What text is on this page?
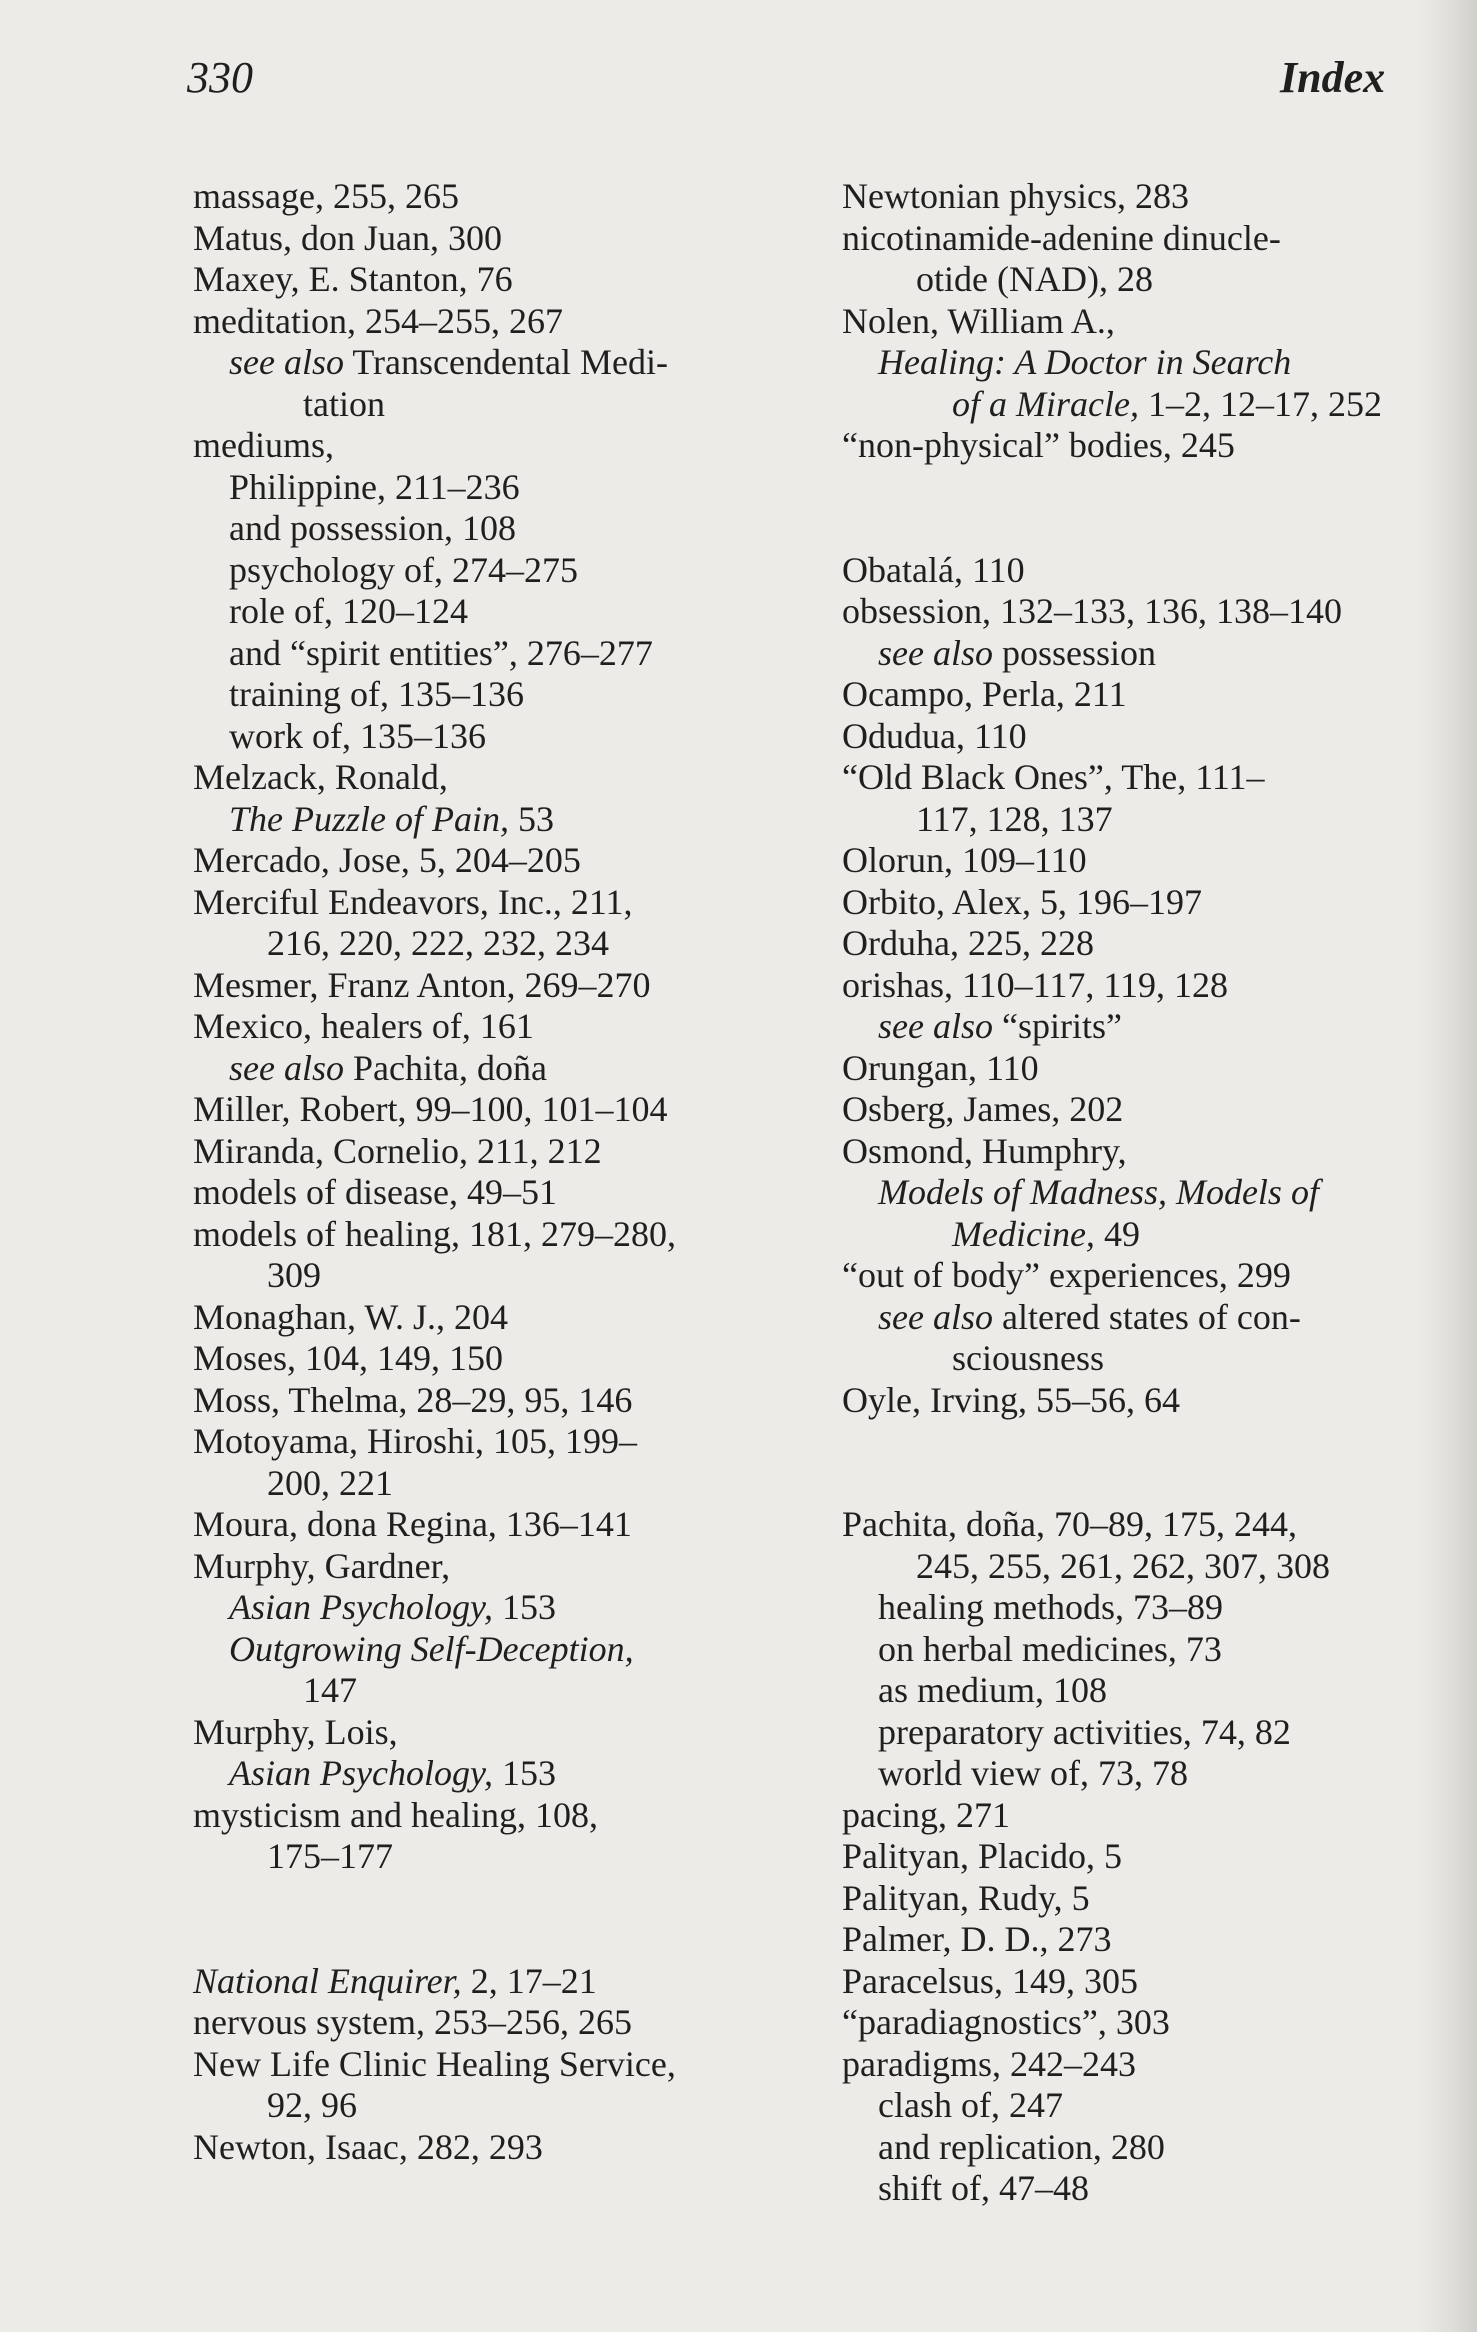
330	Index
massage, 255, 265
Matus, don Juan, 300
Maxey, E. Stanton, 76
meditation, 254–255, 267
see also Transcendental Medi-
tation
mediums,
Philippine, 211–236
and possession, 108
psychology of, 274–275
role of, 120–124
and “spirit entities”, 276–277
training of, 135–136
work of, 135–136
Melzack, Ronald,
The Puzzle of Pain, 53
Mercado, Jose, 5, 204–205
Merciful Endeavors, Inc., 211,
216, 220, 222, 232, 234
Mesmer, Franz Anton, 269–270
Mexico, healers of, 161
see also Pachita, doña
Miller, Robert, 99–100, 101–104
Miranda, Cornelio, 211, 212
models of disease, 49–51
models of healing, 181, 279–280,
309
Monaghan, W. J., 204
Moses, 104, 149, 150
Moss, Thelma, 28–29, 95, 146
Motoyama, Hiroshi, 105, 199–
200, 221
Moura, dona Regina, 136–141
Murphy, Gardner,
Asian Psychology, 153
Outgrowing Self-Deception,
147
Murphy, Lois,
Asian Psychology, 153
mysticism and healing, 108,
175–177
National Enquirer, 2, 17–21
nervous system, 253–256, 265
New Life Clinic Healing Service,
92, 96
Newton, Isaac, 282, 293
Newtonian physics, 283
nicotinamide-adenine dinucle-
otide (NAD), 28
Nolen, William A.,
Healing: A Doctor in Search
of a Miracle, 1–2, 12–17, 252
“non-physical” bodies, 245
Obatalá, 110
obsession, 132–133, 136, 138–140
see also possession
Ocampo, Perla, 211
Odudua, 110
“Old Black Ones”, The, 111–
117, 128, 137
Olorun, 109–110
Orbito, Alex, 5, 196–197
Orduha, 225, 228
orishas, 110–117, 119, 128
see also “spirits”
Orungan, 110
Osberg, James, 202
Osmond, Humphry,
Models of Madness, Models of
Medicine, 49
“out of body” experiences, 299
see also altered states of con-
sciousness
Oyle, Irving, 55–56, 64
Pachita, doña, 70–89, 175, 244,
245, 255, 261, 262, 307, 308
healing methods, 73–89
on herbal medicines, 73
as medium, 108
preparatory activities, 74, 82
world view of, 73, 78
pacing, 271
Palityan, Placido, 5
Palityan, Rudy, 5
Palmer, D. D., 273
Paracelsus, 149, 305
“paradiagnostics”, 303
paradigms, 242–243
clash of, 247
and replication, 280
shift of, 47–48
